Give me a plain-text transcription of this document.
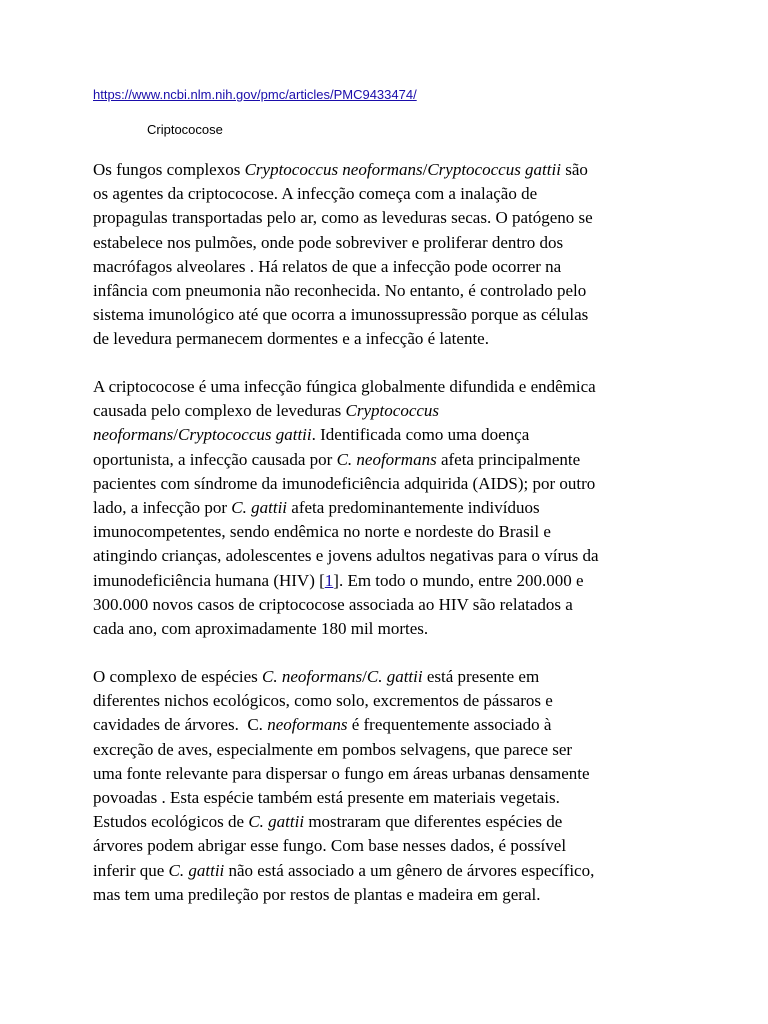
https://www.ncbi.nlm.nih.gov/pmc/articles/PMC9433474/
Criptococose
Os fungos complexos Cryptococcus neoformans/Cryptococcus gattii são
os agentes da criptococose. A infecção começa com a inalação de
propagulas transportadas pelo ar, como as leveduras secas. O patógeno se
estabelece nos pulmões, onde pode sobreviver e proliferar dentro dos
macrófagos alveolares . Há relatos de que a infecção pode ocorrer na
infância com pneumonia não reconhecida. No entanto, é controlado pelo
sistema imunológico até que ocorra a imunossupressão porque as células
de levedura permanecem dormentes e a infecção é latente.
A criptococose é uma infecção fúngica globalmente difundida e endêmica
causada pelo complexo de leveduras Cryptococcus
neoformans/Cryptococcus gattii. Identificada como uma doença
oportunista, a infecção causada por C. neoformans afeta principalmente
pacientes com síndrome da imunodeficiência adquirida (AIDS); por outro
lado, a infecção por C. gattii afeta predominantemente indivíduos
imunocompetentes, sendo endêmica no norte e nordeste do Brasil e
atingindo crianças, adolescentes e jovens adultos negativas para o vírus da
imunodeficiência humana (HIV) [1]. Em todo o mundo, entre 200.000 e
300.000 novos casos de criptococose associada ao HIV são relatados a
cada ano, com aproximadamente 180 mil mortes.
O complexo de espécies C. neoformans/C. gattii está presente em
diferentes nichos ecológicos, como solo, excrementos de pássaros e
cavidades de árvores.  C. neoformans é frequentemente associado à
excreção de aves, especialmente em pombos selvagens, que parece ser
uma fonte relevante para dispersar o fungo em áreas urbanas densamente
povoadas . Esta espécie também está presente em materiais vegetais.
Estudos ecológicos de C. gattii mostraram que diferentes espécies de
árvores podem abrigar esse fungo. Com base nesses dados, é possível
inferir que C. gattii não está associado a um gênero de árvores específico,
mas tem uma predileção por restos de plantas e madeira em geral.
